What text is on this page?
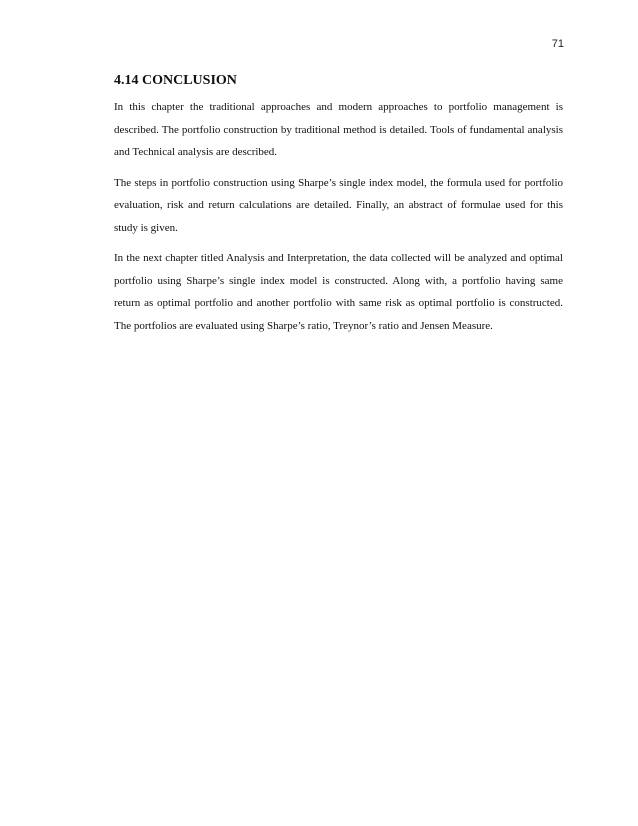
71
4.14 CONCLUSION

In this chapter the traditional approaches and modern approaches to portfolio management is described. The portfolio construction by traditional method is detailed. Tools of fundamental analysis and Technical analysis are described.

The steps in portfolio construction using Sharpe’s single index model, the formula used for portfolio evaluation, risk and return calculations are detailed. Finally, an abstract of formulae used for this study is given.

In the next chapter titled Analysis and Interpretation, the data collected will be analyzed and optimal portfolio using Sharpe’s single index model is constructed. Along with, a portfolio having same return as optimal portfolio and another portfolio with same risk as optimal portfolio is constructed. The portfolios are evaluated using Sharpe’s ratio, Treynor’s ratio and Jensen Measure.
